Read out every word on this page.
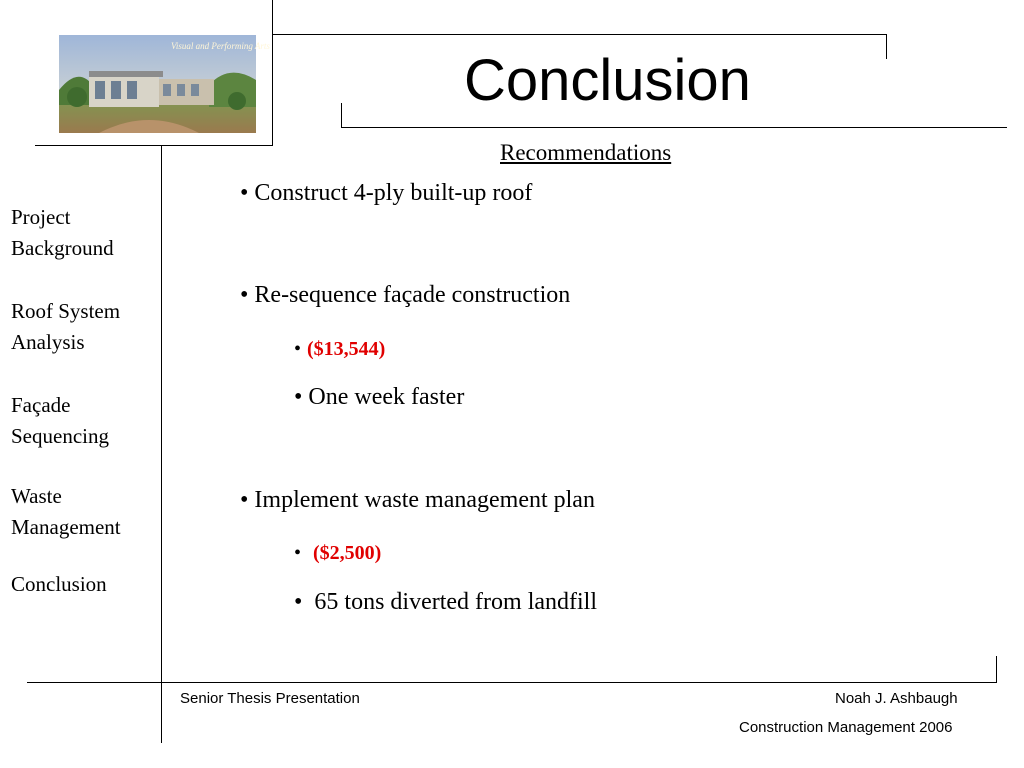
Visual and Performing Arts
Conclusion
Recommendations
Project
Background
Roof System
Analysis
Façade
Sequencing
Waste
Management
Conclusion
• Construct 4-ply built-up roof
• Re-sequence façade construction
• ($13,544)
• One week faster
• Implement waste management plan
• ($2,500)
• 65 tons diverted from landfill
Senior Thesis Presentation	Noah J. Ashbaugh
Construction Management 2006
